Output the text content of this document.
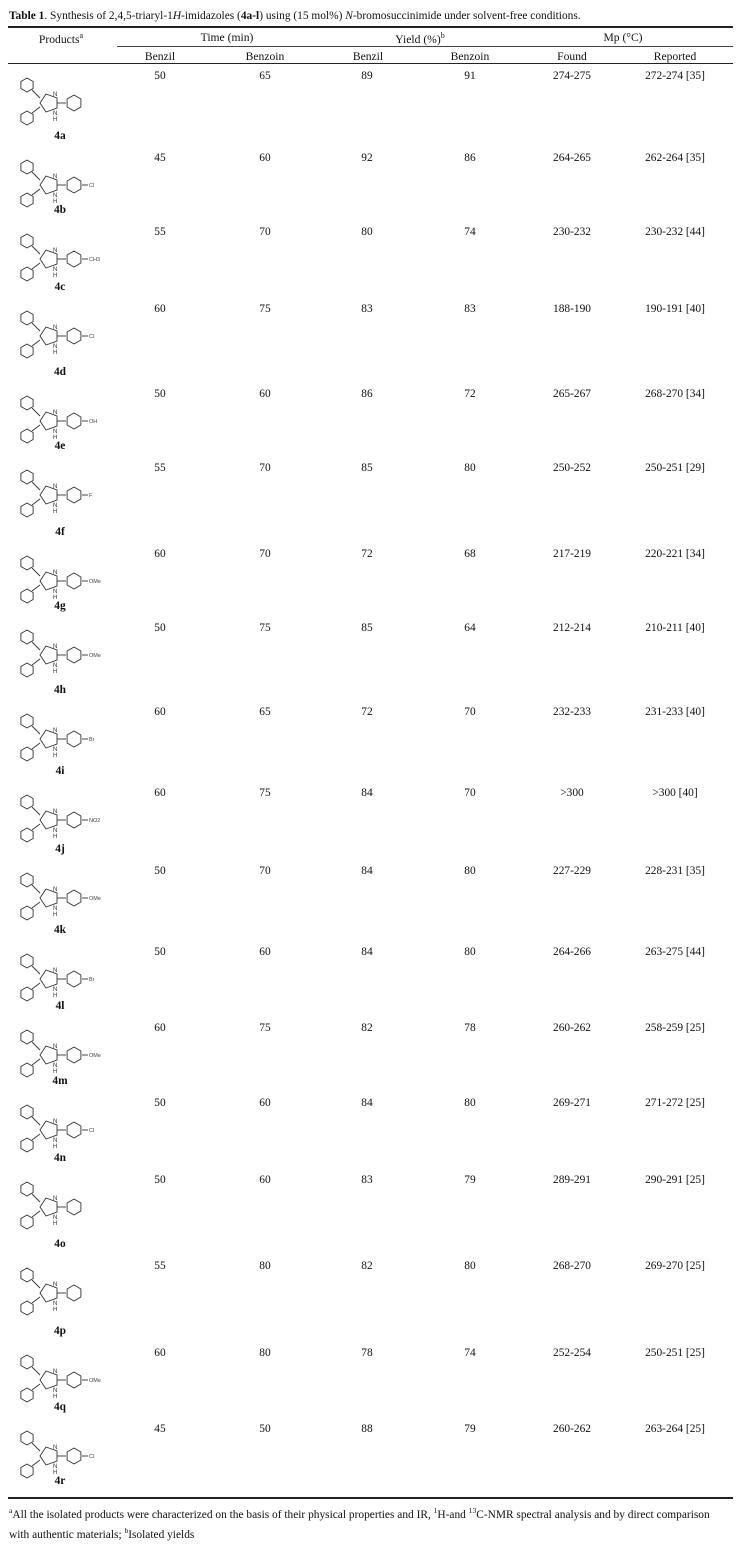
Table 1. Synthesis of 2,4,5-triaryl-1H-imidazoles (4a-l) using (15 mol%) N-bromosuccinimide under solvent-free conditions.
Products$^a$	Time (min)	Yield (%)$^b$	Mp (°C)
Benzil	Benzoin	Benzil	Benzoin	Found	Reported
N
N
H
4a
50	65	89	91	274-275	272-274 [35]
N
N
H
Cl
4b
45	60	92	86	264-265	262-264 [35]
N
N
H
CH3
4c
55	70	80	74	230-232	230-232 [44]
N
N
H
Cl
4d
60	75	83	83	188-190	190-191 [40]
N
N
H
OH
4e
50	60	86	72	265-267	268-270 [34]
N
N
H
F
4f
55	70	85	80	250-252	250-251 [29]
N
N
H
OMe
4g
60	70	72	68	217-219	220-221 [34]
N
N
H
OMe
4h
50	75	85	64	212-214	210-211 [40]
N
N
H
Br
4i
60	65	72	70	232-233	231-233 [40]
N
N
H
NO2
4j
60	75	84	70	>300	>300 [40]
N
N
H
OMe
4k
50	70	84	80	227-229	228-231 [35]
N
N
H
Br
4l
50	60	84	80	264-266	263-275 [44]
N
N
H
OMe
4m
60	75	82	78	260-262	258-259 [25]
N
N
H
Cl
4n
50	60	84	80	269-271	271-272 [25]
N
N
H
4o
50	60	83	79	289-291	290-291 [25]
N
N
H
4p
55	80	82	80	268-270	269-270 [25]
N
N
H
OMe
4q
60	80	78	74	252-254	250-251 [25]
N
N
H
Cl
4r
45	50	88	79	260-262	263-264 [25]
$^a$All the isolated products were characterized on the basis of their physical properties and IR, $^1$H-and $^{13}$C-NMR spectral analysis and by direct comparison with authentic materials; $^b$Isolated yields
